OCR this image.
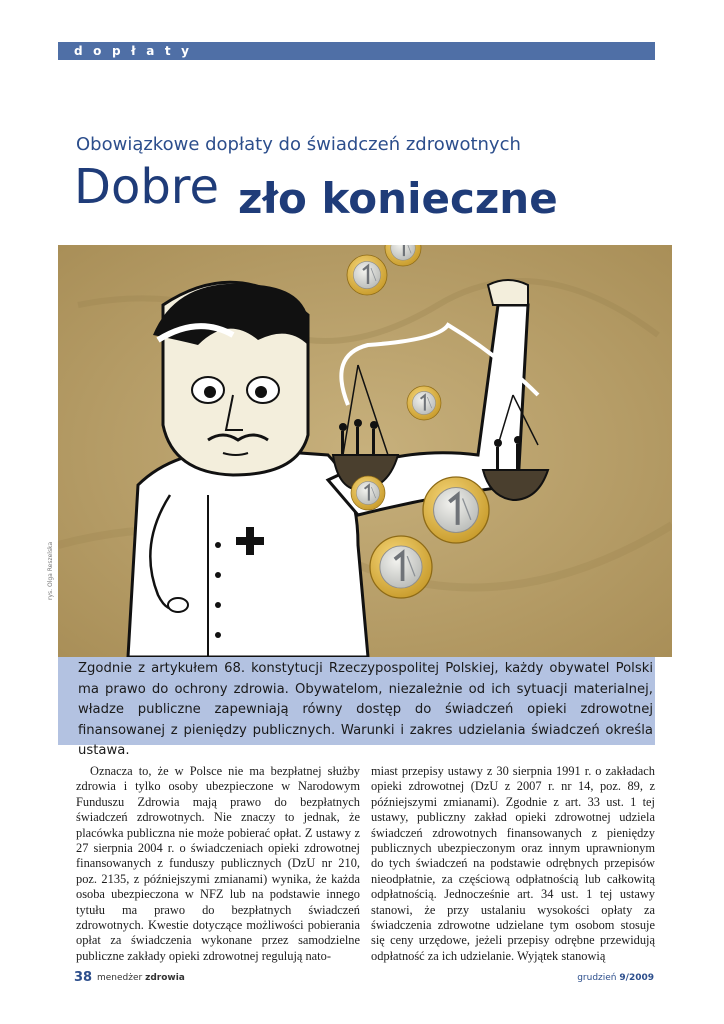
d o p ł a t y
Obowiązkowe dopłaty do świadczeń zdrowotnych
Dobre zło konieczne
rys. Olga Reszelska
Zgodnie z artykułem 68. konstytucji Rzeczypospolitej Polskiej, każdy obywatel Polski ma prawo do ochrony zdrowia. Obywatelom, niezależnie od ich sytuacji materialnej, władze publiczne zapewniają równy dostęp do świadczeń opieki zdrowotnej finansowanej z pieniędzy publicznych. Warunki i zakres udzielania świadczeń określa ustawa.

Oznacza to, że w Polsce nie ma bezpłatnej służby zdrowia i tylko osoby ubezpieczone w Narodowym Funduszu Zdrowia mają prawo do bezpłatnych świadczeń zdrowotnych. Nie znaczy to jednak, że placówka publiczna nie może pobierać opłat. Z ustawy z 27 sierpnia 2004 r. o świadczeniach opieki zdrowotnej finansowanych z funduszy publicznych (DzU nr 210, poz. 2135, z późniejszymi zmianami) wynika, że każda osoba ubezpieczona w NFZ lub na podstawie innego tytułu ma prawo do bezpłatnych świadczeń zdrowotnych. Kwestie dotyczące możliwości pobierania opłat za świadczenia wykonane przez samodzielne publiczne zakłady opieki zdrowotnej regulują nato-

miast przepisy ustawy z 30 sierpnia 1991 r. o zakładach opieki zdrowotnej (DzU z 2007 r. nr 14, poz. 89, z późniejszymi zmianami). Zgodnie z art. 33 ust. 1 tej ustawy, publiczny zakład opieki zdrowotnej udziela świadczeń zdrowotnych finansowanych z pieniędzy publicznych ubezpieczonym oraz innym uprawnionym do tych świadczeń na podstawie odrębnych przepisów nieodpłatnie, za częściową odpłatnością lub całkowitą odpłatnością. Jednocześnie art. 34 ust. 1 tej ustawy stanowi, że przy ustalaniu wysokości opłaty za świadczenia zdrowotne udzielane tym osobom stosuje się ceny urzędowe, jeżeli przepisy odrębne przewidują odpłatność za ich udzielanie. Wyjątek stanowią

38 menedżer zdrowia	grudzień 9/2009
